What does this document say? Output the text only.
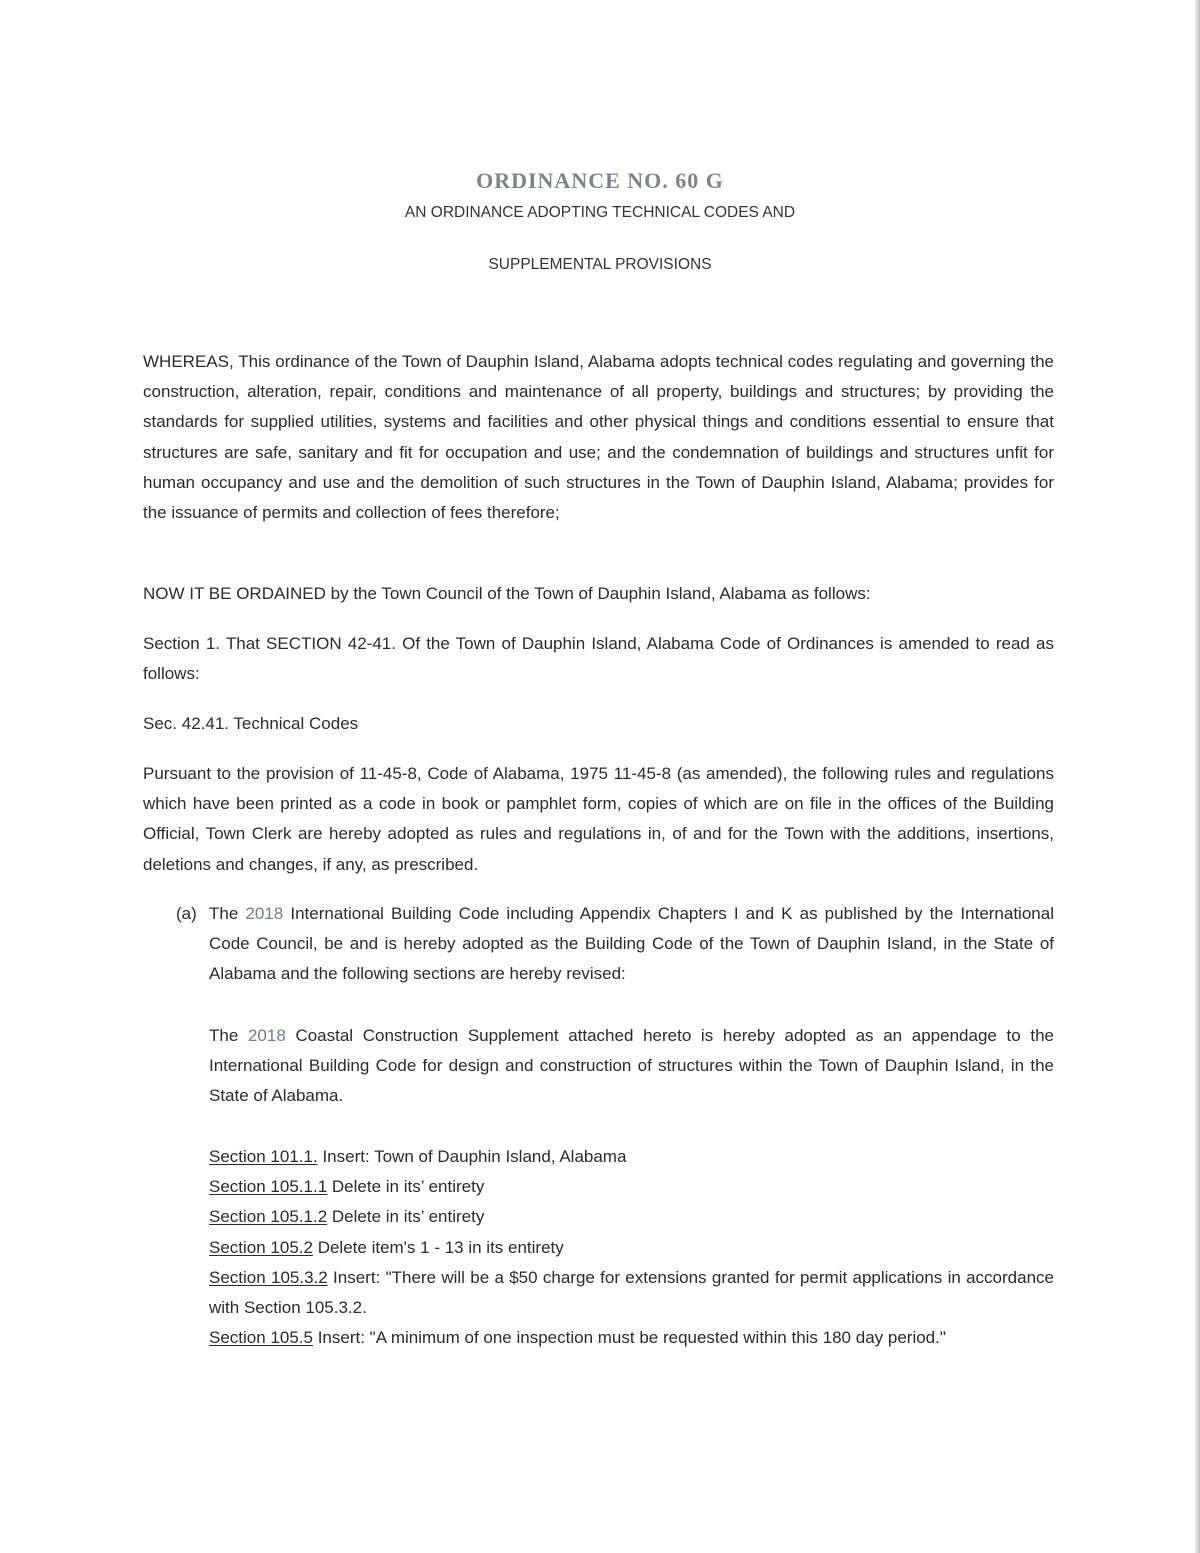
ORDINANCE NO. 60 G
AN ORDINANCE ADOPTING TECHNICAL CODES AND
SUPPLEMENTAL PROVISIONS
WHEREAS, This ordinance of the Town of Dauphin Island, Alabama adopts technical codes regulating and governing the construction, alteration, repair, conditions and maintenance of all property, buildings and structures; by providing the standards for supplied utilities, systems and facilities and other physical things and conditions essential to ensure that structures are safe, sanitary and fit for occupation and use; and the condemnation of buildings and structures unfit for human occupancy and use and the demolition of such structures in the Town of Dauphin Island, Alabama; provides for the issuance of permits and collection of fees therefore;
NOW IT BE ORDAINED by the Town Council of the Town of Dauphin Island, Alabama as follows:
Section 1. That SECTION 42-41. Of the Town of Dauphin Island, Alabama Code of Ordinances is amended to read as follows:
Sec. 42.41. Technical Codes
Pursuant to the provision of 11-45-8, Code of Alabama, 1975 11-45-8 (as amended), the following rules and regulations which have been printed as a code in book or pamphlet form, copies of which are on file in the offices of the Building Official, Town Clerk are hereby adopted as rules and regulations in, of and for the Town with the additions, insertions, deletions and changes, if any, as prescribed.
(a) The 2018 International Building Code including Appendix Chapters I and K as published by the International Code Council, be and is hereby adopted as the Building Code of the Town of Dauphin Island, in the State of Alabama and the following sections are hereby revised:
The 2018 Coastal Construction Supplement attached hereto is hereby adopted as an appendage to the International Building Code for design and construction of structures within the Town of Dauphin Island, in the State of Alabama.
Section 101.1. Insert: Town of Dauphin Island, Alabama
Section 105.1.1 Delete in its’ entirety
Section 105.1.2 Delete in its’ entirety
Section 105.2 Delete item's 1 - 13 in its entirety
Section 105.3.2 Insert: "There will be a $50 charge for extensions granted for permit applications in accordance with Section 105.3.2.
Section 105.5 Insert: "A minimum of one inspection must be requested within this 180 day period."
